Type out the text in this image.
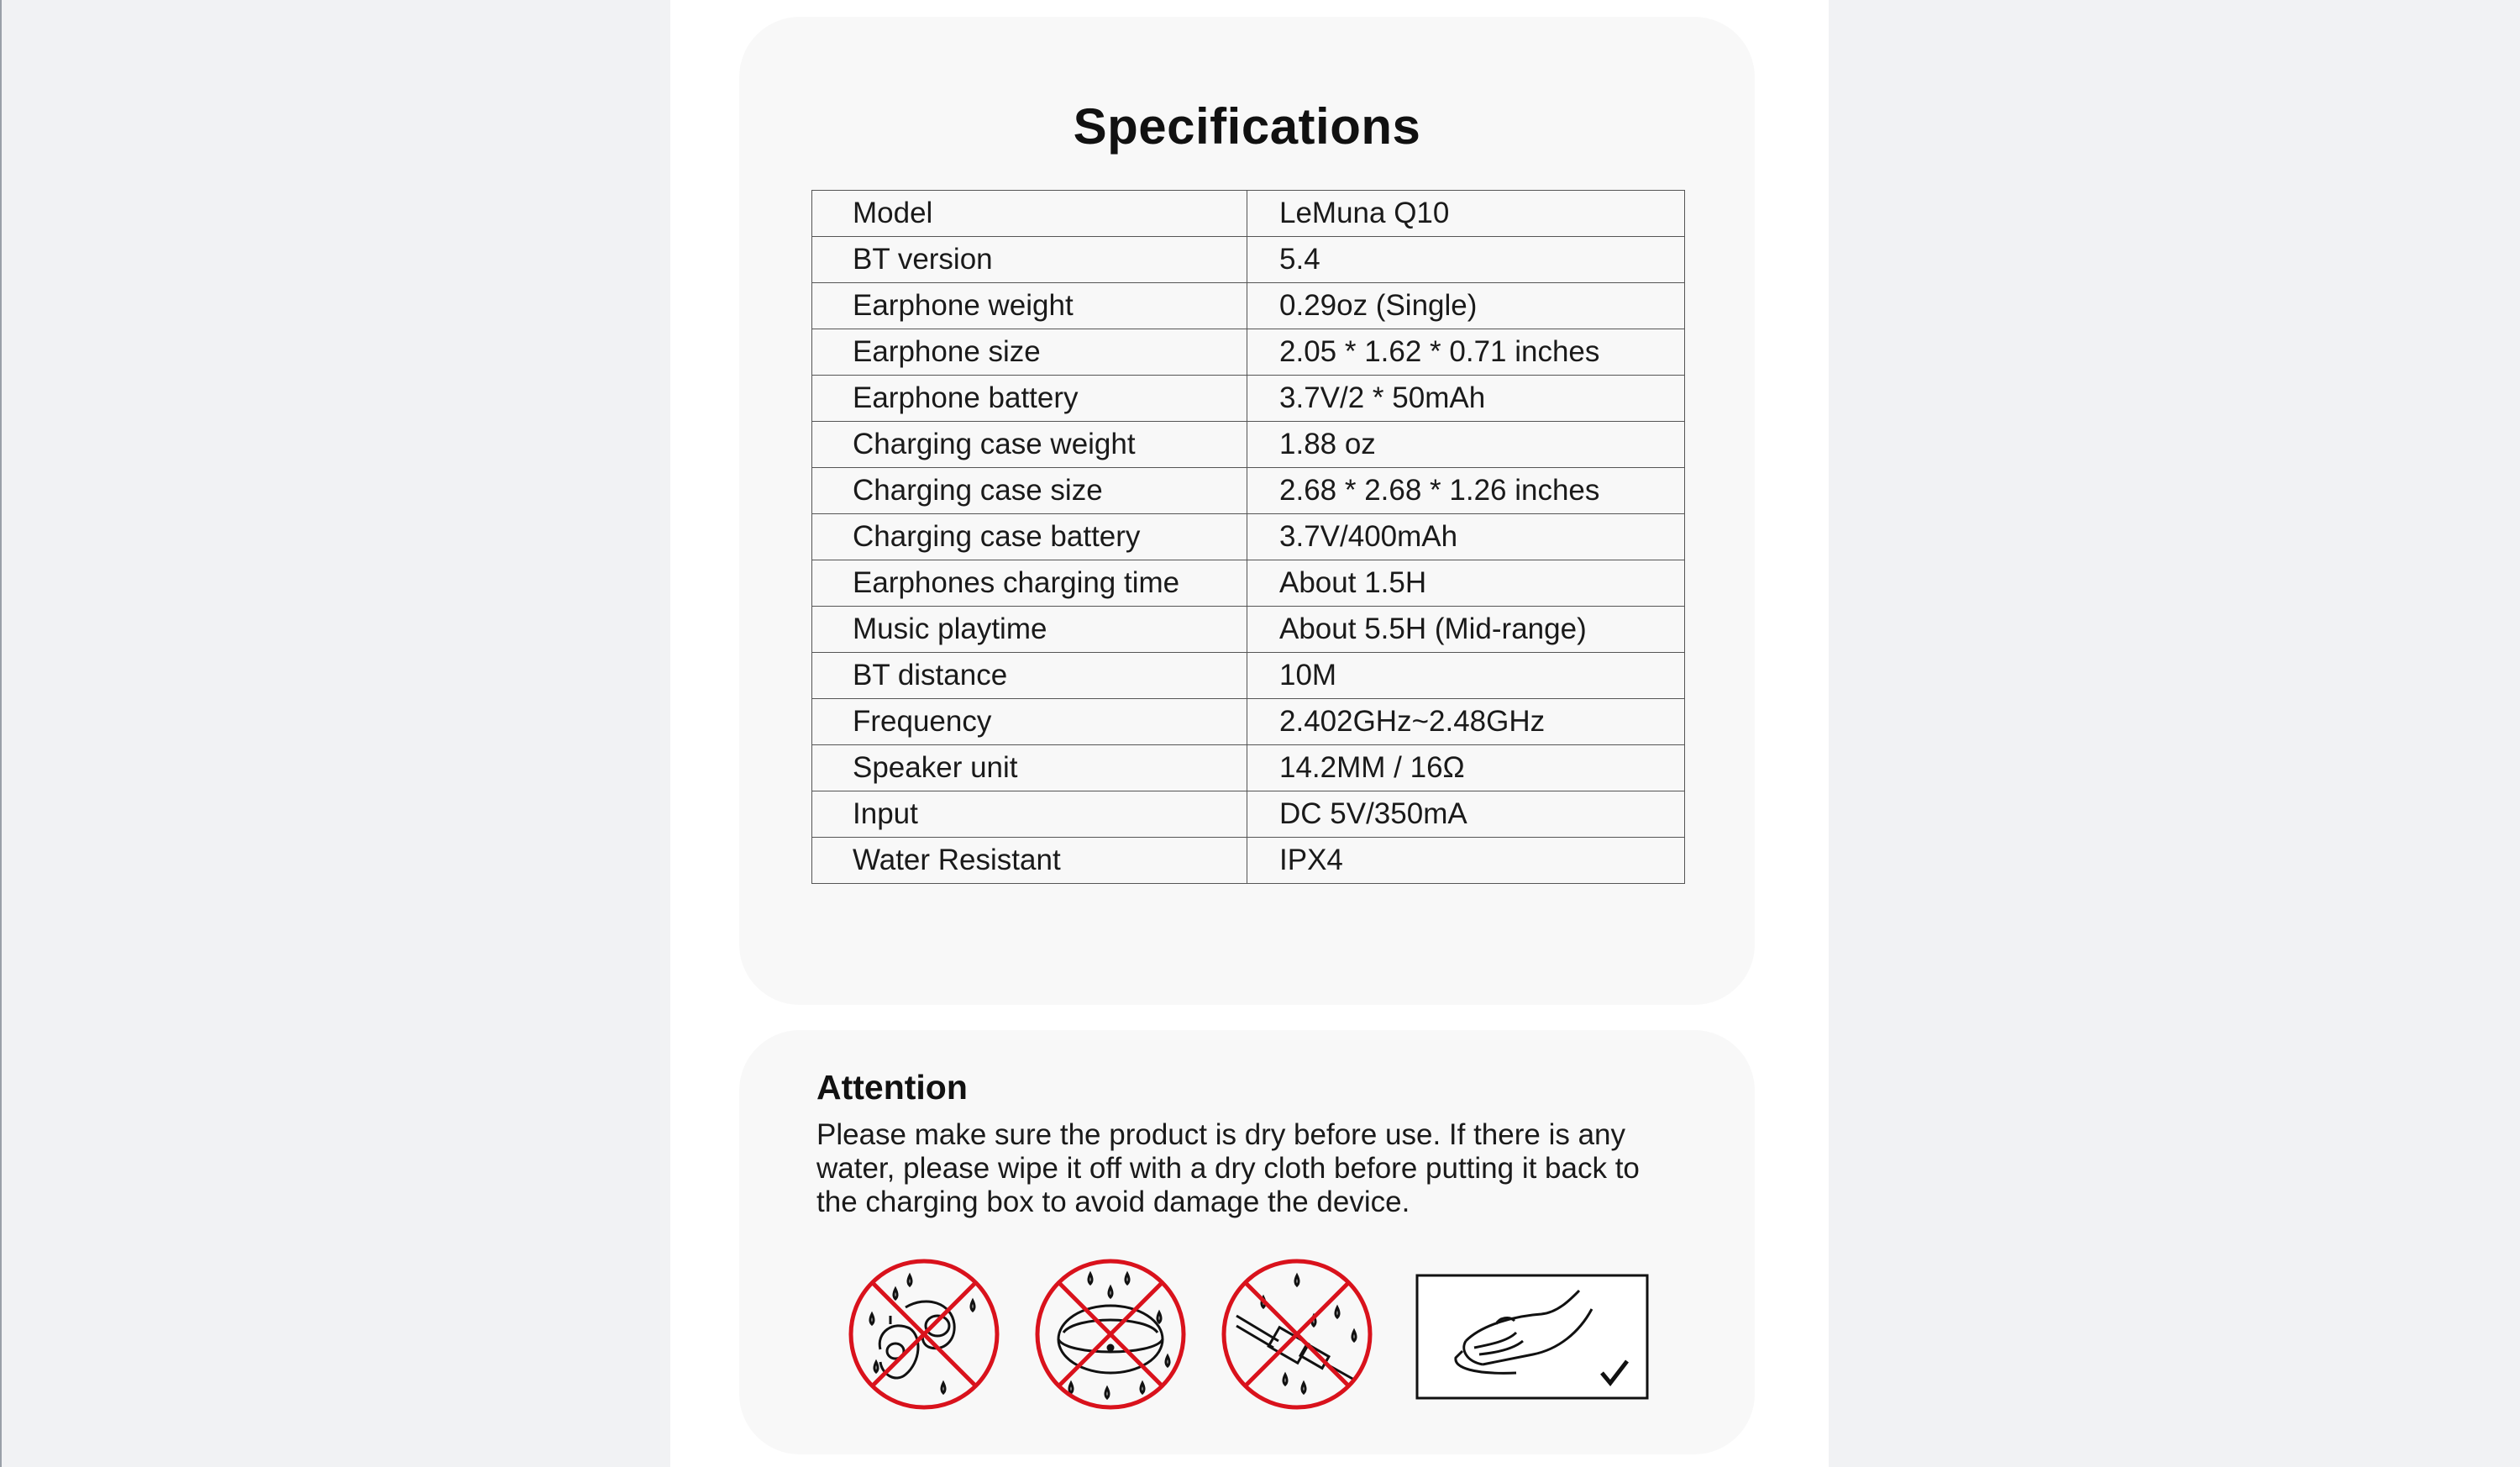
Specifications
Model	LeMuna Q10
BT version	5.4
Earphone weight	0.29oz (Single)
Earphone size	2.05 * 1.62 * 0.71 inches
Earphone battery	3.7V/2 * 50mAh
Charging case weight	1.88 oz
Charging case size	2.68 * 2.68 * 1.26 inches
Charging case battery	3.7V/400mAh
Earphones charging time	About 1.5H
Music playtime	About 5.5H (Mid-range)
BT distance	10M
Frequency	2.402GHz~2.48GHz
Speaker unit	14.2MM / 16Ω
Input	DC 5V/350mA
Water Resistant	IPX4
Attention

Please make sure the product is dry before use. If there is any water, please wipe it off with a dry cloth before putting it back to the charging box to avoid damage the device.
